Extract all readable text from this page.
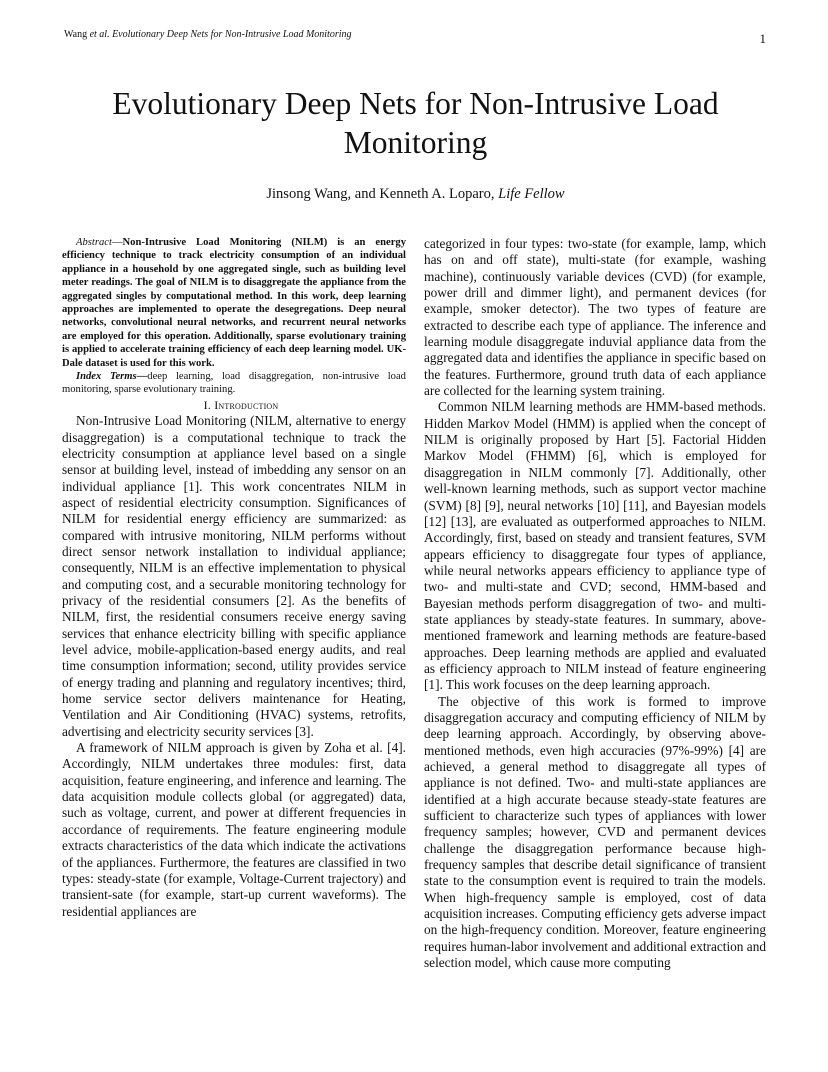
Wang et al. Evolutionary Deep Nets for Non-Intrusive Load Monitoring	1
Evolutionary Deep Nets for Non-Intrusive Load Monitoring
Jinsong Wang, and Kenneth A. Loparo, Life Fellow

Abstract—Non-Intrusive Load Monitoring (NILM) is an energy efficiency technique to track electricity consumption of an individual appliance in a household by one aggregated single, such as building level meter readings. The goal of NILM is to disaggregate the appliance from the aggregated singles by computational method. In this work, deep learning approaches are implemented to operate the desegregations. Deep neural networks, convolutional neural networks, and recurrent neural networks are employed for this operation. Additionally, sparse evolutionary training is applied to accelerate training efficiency of each deep learning model. UK-Dale dataset is used for this work.

Index Terms—deep learning, load disaggregation, non-intrusive load monitoring, sparse evolutionary training.

I. Introduction

Non-Intrusive Load Monitoring (NILM, alternative to energy disaggregation) is a computational technique to track the electricity consumption at appliance level based on a single sensor at building level, instead of imbedding any sensor on an individual appliance [1]. This work concentrates NILM in aspect of residential electricity consumption. Significances of NILM for residential energy efficiency are summarized: as compared with intrusive monitoring, NILM performs without direct sensor network installation to individual appliance; consequently, NILM is an effective implementation to physical and computing cost, and a securable monitoring technology for privacy of the residential consumers [2]. As the benefits of NILM, first, the residential consumers receive energy saving services that enhance electricity billing with specific appliance level advice, mobile-application-based energy audits, and real time consumption information; second, utility provides service of energy trading and planning and regulatory incentives; third, home service sector delivers maintenance for Heating, Ventilation and Air Conditioning (HVAC) systems, retrofits, advertising and electricity security services [3].

A framework of NILM approach is given by Zoha et al. [4]. Accordingly, NILM undertakes three modules: first, data acquisition, feature engineering, and inference and learning. The data acquisition module collects global (or aggregated) data, such as voltage, current, and power at different frequencies in accordance of requirements. The feature engineering module extracts characteristics of the data which indicate the activations of the appliances. Furthermore, the features are classified in two types: steady-state (for example, Voltage-Current trajectory) and transient-sate (for example, start-up current waveforms). The residential appliances are

categorized in four types: two-state (for example, lamp, which has on and off state), multi-state (for example, washing machine), continuously variable devices (CVD) (for example, power drill and dimmer light), and permanent devices (for example, smoker detector). The two types of feature are extracted to describe each type of appliance. The inference and learning module disaggregate induvial appliance data from the aggregated data and identifies the appliance in specific based on the features. Furthermore, ground truth data of each appliance are collected for the learning system training.

Common NILM learning methods are HMM-based methods. Hidden Markov Model (HMM) is applied when the concept of NILM is originally proposed by Hart [5]. Factorial Hidden Markov Model (FHMM) [6], which is employed for disaggregation in NILM commonly [7]. Additionally, other well-known learning methods, such as support vector machine (SVM) [8] [9], neural networks [10] [11], and Bayesian models [12] [13], are evaluated as outperformed approaches to NILM. Accordingly, first, based on steady and transient features, SVM appears efficiency to disaggregate four types of appliance, while neural networks appears efficiency to appliance type of two- and multi-state and CVD; second, HMM-based and Bayesian methods perform disaggregation of two- and multi-state appliances by steady-state features. In summary, above-mentioned framework and learning methods are feature-based approaches. Deep learning methods are applied and evaluated as efficiency approach to NILM instead of feature engineering [1]. This work focuses on the deep learning approach.

The objective of this work is formed to improve disaggregation accuracy and computing efficiency of NILM by deep learning approach. Accordingly, by observing above-mentioned methods, even high accuracies (97%-99%) [4] are achieved, a general method to disaggregate all types of appliance is not defined. Two- and multi-state appliances are identified at a high accurate because steady-state features are sufficient to characterize such types of appliances with lower frequency samples; however, CVD and permanent devices challenge the disaggregation performance because high-frequency samples that describe detail significance of transient state to the consumption event is required to train the models. When high-frequency sample is employed, cost of data acquisition increases. Computing efficiency gets adverse impact on the high-frequency condition. Moreover, feature engineering requires human-labor involvement and additional extraction and selection model, which cause more computing
